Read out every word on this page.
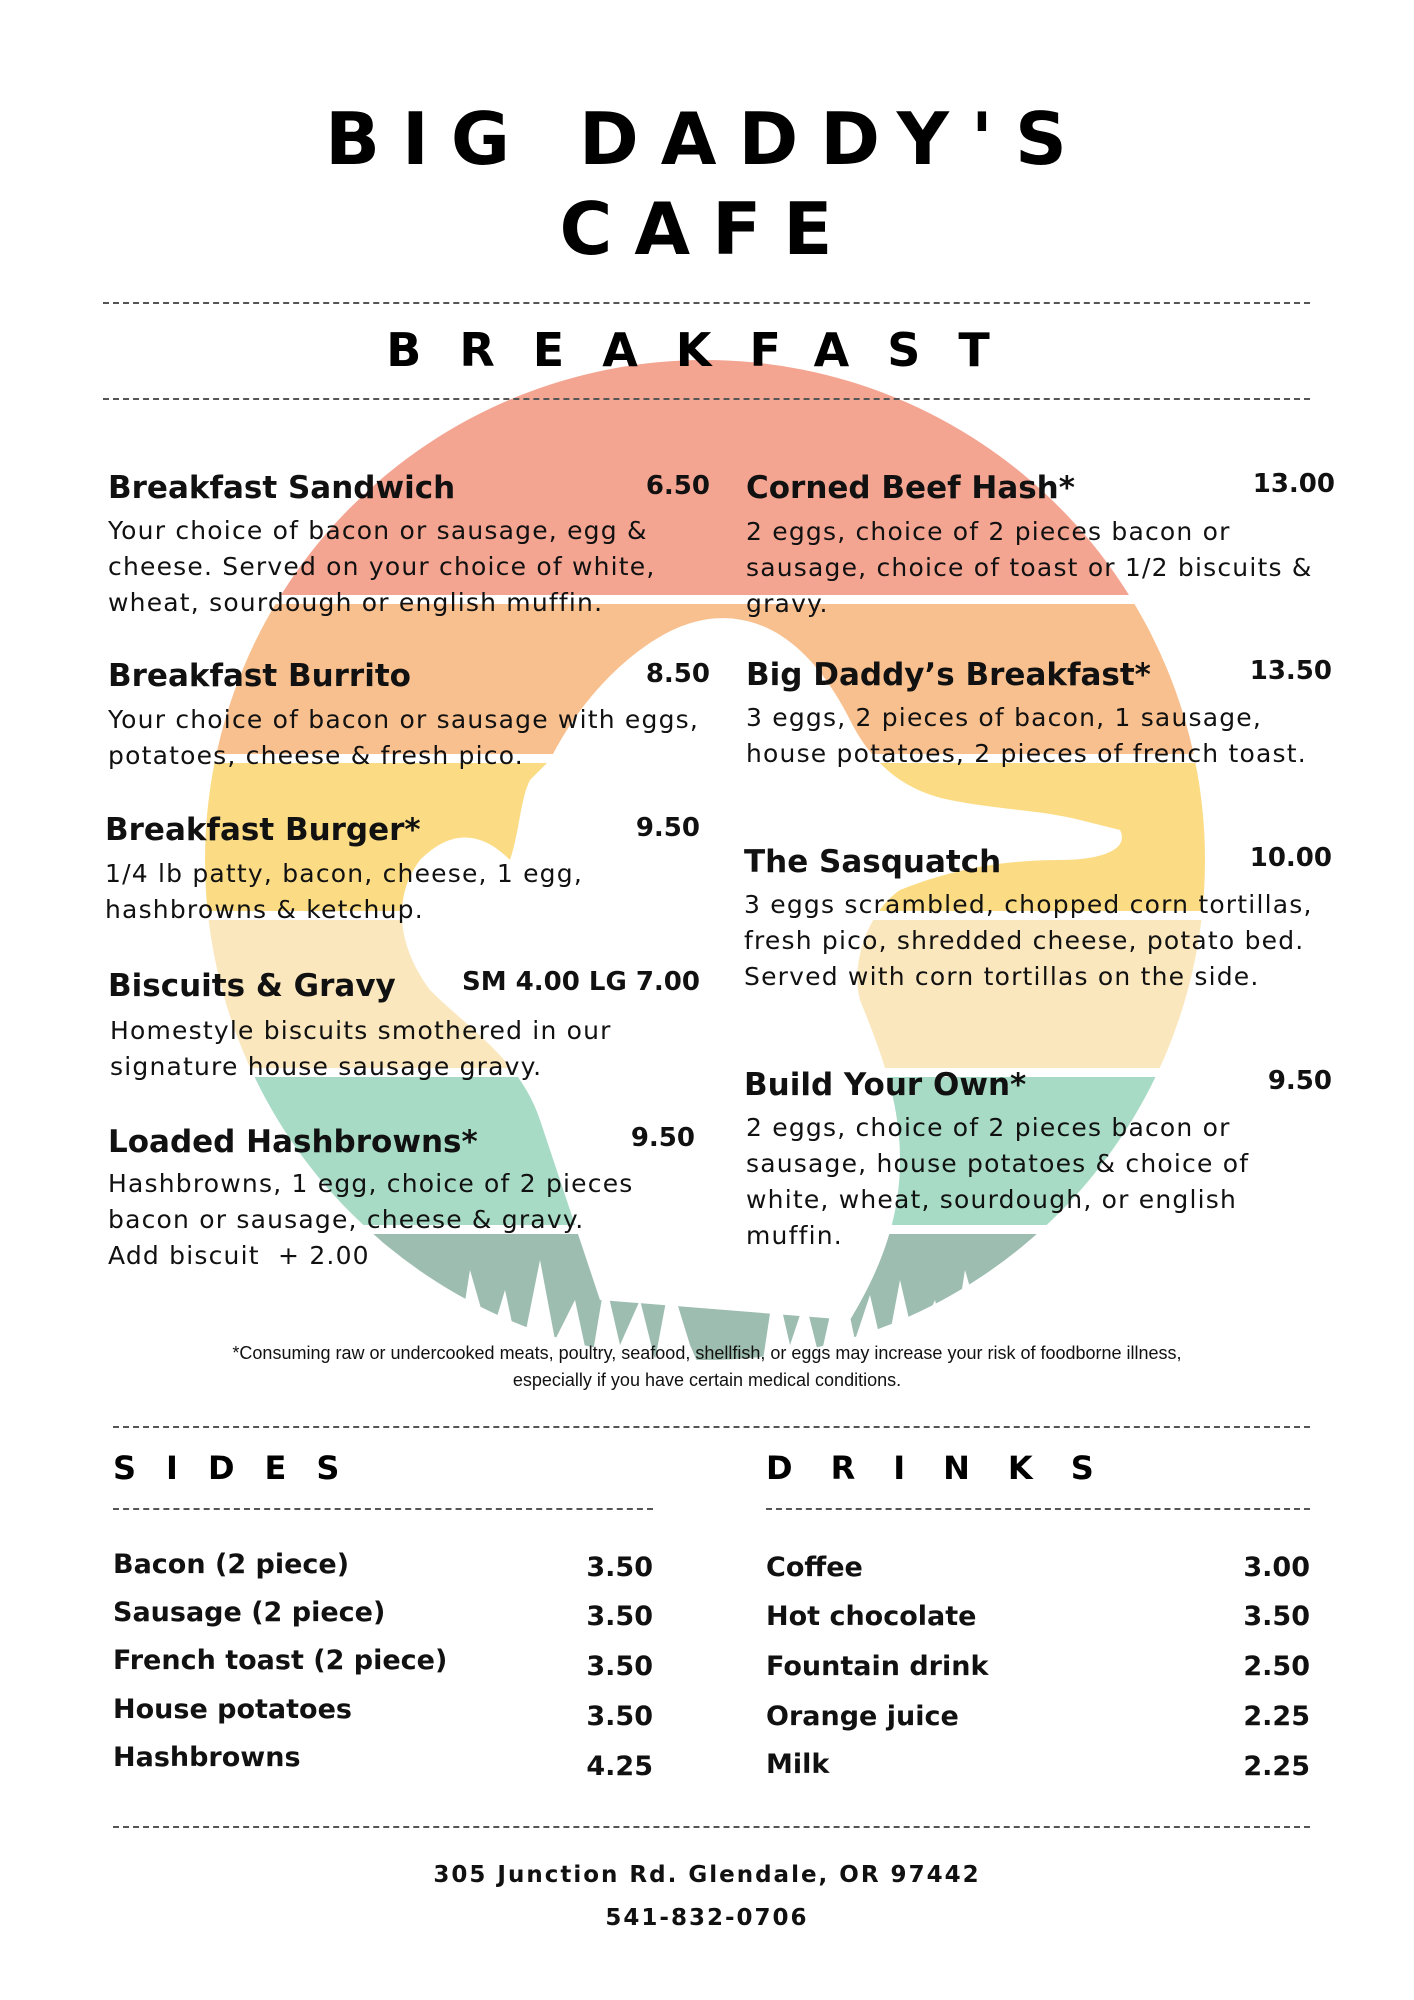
BIG DADDY'S
CAFE
BREAKFAST
Breakfast Sandwich	6.50
Your choice of bacon or sausage, egg & cheese. Served on your choice of white, wheat, sourdough or english muffin.
Breakfast Burrito	8.50
Your choice of bacon or sausage with eggs, potatoes, cheese & fresh pico.
Breakfast Burger*	9.50
1/4 lb patty, bacon, cheese, 1 egg, hashbrowns & ketchup.
Biscuits & Gravy	SM 4.00 LG 7.00
Homestyle biscuits smothered in our signature house sausage gravy.
Loaded Hashbrowns*	9.50
Hashbrowns, 1 egg, choice of 2 pieces bacon or sausage, cheese & gravy.
Add biscuit  + 2.00
Corned Beef Hash*	13.00
2 eggs, choice of 2 pieces bacon or sausage, choice of toast or 1/2 biscuits & gravy.
Big Daddy’s Breakfast*	13.50
3 eggs, 2 pieces of bacon, 1 sausage, house potatoes, 2 pieces of french toast.
The Sasquatch	10.00
3 eggs scrambled, chopped corn tortillas, fresh pico, shredded cheese, potato bed. Served with corn tortillas on the side.
Build Your Own*	9.50
2 eggs, choice of 2 pieces bacon or sausage, house potatoes & choice of white, wheat, sourdough, or english muffin.
*Consuming raw or undercooked meats, poultry, seafood, shellfish, or eggs may increase your risk of foodborne illness,
especially if you have certain medical conditions.
SIDES
Bacon (2 piece)	3.50
Sausage (2 piece)	3.50
French toast (2 piece)	3.50
House potatoes	3.50
Hashbrowns	4.25
DRINKS
Coffee	3.00
Hot chocolate	3.50
Fountain drink	2.50
Orange juice	2.25
Milk	2.25
305 Junction Rd. Glendale, OR 97442
541-832-0706
